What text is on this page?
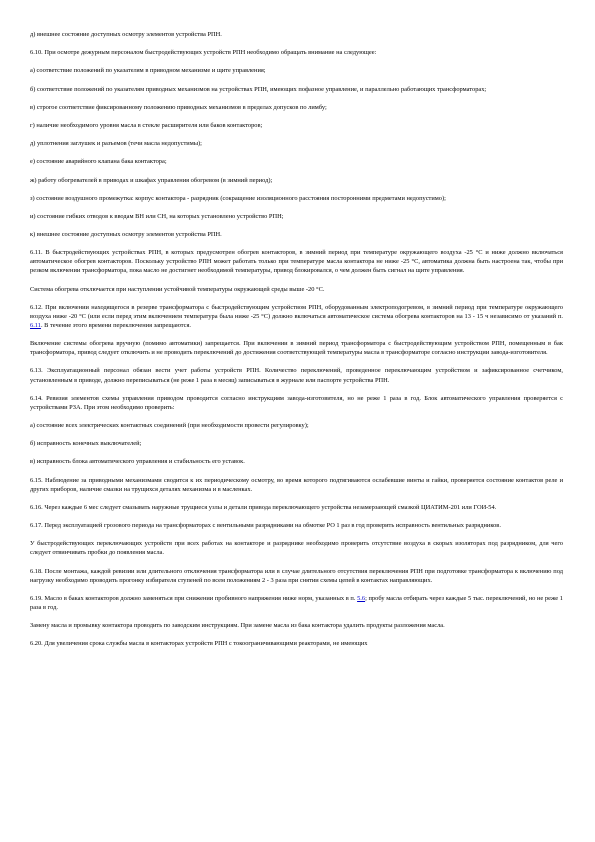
д) внешнее состояние доступных осмотру элементов устройства РПН.

6.10. При осмотре дежурным персоналом быстродействующих устройств РПН необходимо обращать внимание на следующее:

а) соответствие положений по указателям в приводном механизме и щите управления;

б) соответствие положений по указателям приводных механизмов на устройствах РПН, имеющих пофазное управление, и параллельно работающих трансформаторах;

в) строгое соответствие фиксированному положению приводных механизмов в пределах допусков по лимбу;

г) наличие необходимого уровня масла в стекле расширителя или баков контакторов;

д) уплотнения заглушек и разъемов (течи масла недопустимы);

е) состояние аварийного клапана бака контактора;

ж) работу обогревателей в приводах и шкафах управления обогревом (в зимний период);

з) состояние воздушного промежутка: корпус контактора - разрядник (сокращение изоляционного расстояния посторонними предметами недопустимо);

и) состояние гибких отводов к вводам ВН или СН, на которых установлено устройство РПН;

к) внешнее состояние доступных осмотру элементов устройства РПН.

6.11. В быстродействующих устройствах РПН, в которых предусмотрен обогрев контакторов, в зимний период при температуре окружающего воздуха -25 °С и ниже должно включаться автоматическое обогрев контакторов. Поскольку устройство РПН может работать только при температуре масла контактора не ниже -25 °С, автоматика должна быть настроена так, чтобы при резком включении трансформатора, пока масло не достигнет необходимой температуры, привод блокировался, о чем должен быть сигнал на щите управления.

Система обогрева отключается при наступлении устойчивой температуры окружающей среды выше -20 °С.

6.12. При включении находящегося в резерве трансформатора с быстродействующим устройством РПН, оборудованным электроподогревом, в зимний период при температуре окружающего воздуха ниже -20 °С (или если перед этим включением температура была ниже -25 °С) должно включаться автоматическое система обогрева контакторов на 13 - 15 ч независимо от указаний п. 6.11. В течение этого времени переключения запрещаются.

Включение системы обогрева вручную (помимо автоматики) запрещается. При включении в зимний период трансформатора с быстродействующим устройством РПН, помещенным в бак трансформатора, привод следует отключить и не проводить переключений до достижения соответствующей температуры масла в трансформаторе согласно инструкции завода-изготовителя.

6.13. Эксплуатационный персонал обязан вести учет работы устройств РПН. Количество переключений, проведенное переключающим устройством и зафиксированное счетчиком, установленным в приводе, должно переписываться (не реже 1 раза в месяц) записываться в журнале или паспорте устройства РПН.

6.14. Ревизия элементов схемы управления приводом проводится согласно инструкциям завода-изготовителя, но не реже 1 раза в год. Блок автоматического управления проверяется с устройствами РЗА. При этом необходимо проверить:

а) состояние всех электрических контактных соединений (при необходимости провести регулировку);

б) исправность конечных выключателей;

в) исправность блока автоматического управления и стабильность его уставок.

6.15. Наблюдение за приводными механизмами сводится к их периодическому осмотру, во время которого подтягиваются ослабевшие винты и гайки, проверяется состояние контактов реле и других приборов, наличие смазки на трущихся деталях механизма и в масленках.

6.16. Через каждые 6 мес следует смазывать наружные трущиеся узлы и детали привода переключающего устройства незамерзающей смазкой ЦИАТИМ-201 или ГОИ-54.

6.17. Перед эксплуатацией грозового периода на трансформаторах с вентильными разрядниками на обмотке РО 1 раз в год проверить исправность вентильных разрядников.

У быстродействующих переключающих устройств при всех работах на контакторе и разряднике необходимо проверить отсутствие воздуха в скорых изоляторах под разрядником, для чего следует отвинчивать пробки до появления масла.

6.18. После монтажа, каждой ревизии или длительного отключения трансформатора или в случае длительного отсутствия переключения РПН при подготовке трансформатора к включению под нагрузку необходимо проводить прогонку избирателя ступеней по всем положениям 2 - 3 раза при снятии схемы цепей в контактах направляющих.

6.19. Масло в баках контакторов должно заменяться при снижении пробивного напряжения ниже норм, указанных в п. 5.6; пробу масла отбирать через каждые 5 тыс. переключений, но не реже 1 раза в год.

Замену масла и промывку контактора проводить по заводским инструкциям. При замене масла из бака контактора удалить продукты разложения масла.

6.20. Для увеличения срока службы масла в контакторах устройств РПН с токоограничивающими реакторами, не имеющих
